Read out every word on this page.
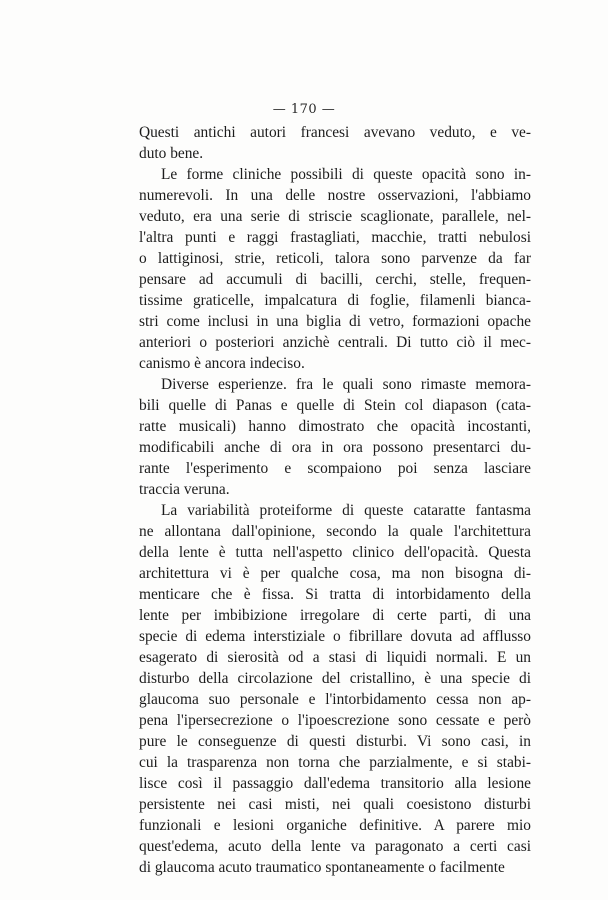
— 170 —
Questi antichi autori francesi avevano veduto, e ve-
duto bene.
Le forme cliniche possibili di queste opacità sono in-
numerevoli. In una delle nostre osservazioni, l'abbiamo
veduto, era una serie di striscie scaglionate, parallele, nel-
l'altra punti e raggi frastagliati, macchie, tratti nebulosi
o lattiginosi, strie, reticoli, talora sono parvenze da far
pensare ad accumuli di bacilli, cerchi, stelle, frequen-
tissime graticelle, impalcatura di foglie, filamenli biancа-
stri come inclusi in una biglia di vetro, formazioni opache
anteriori o posteriori anzichè centrali. Di tutto ciò il mec-
canismo è ancora indeciso.
Diverse esperienze. fra le quali sono rimaste memora-
bili quelle di Panas e quelle di Stein col diapason (cata-
ratte musicali) hanno dimostrato che opacità incostanti,
modificabili anche di ora in ora possono presentarci du-
rante l'esperimento e scompaiono poi senza lasciare
traccia veruna.
La variabilità proteiforme di queste cataratte fantasma
ne allontana dall'opinione, secondo la quale l'architettura
della lente è tutta nell'aspetto clinico dell'opacità. Questa
architettura vi è per qualche cosa, ma non bisogna di-
menticare che è fissa. Si tratta di intorbidamento della
lente per imbibizione irregolare di certe parti, di una
specie di edema interstiziale o fibrillare dovuta ad afflusso
esagerato di sierosità od a stasi di liquidi normali. E un
disturbo della circolazione del cristallino, è una specie di
glaucoma suo personale e l'intorbidamento cessa non ap-
pena l'ipersecrezione o l'ipoescrezione sono cessate e però
pure le conseguenze di questi disturbi. Vi sono casi, in
cui la trasparenza non torna che parzialmente, e si stabi-
lisce così il passaggio dall'edema transitorio alla lesione
persistente nei casi misti, nei quali coesistono disturbi
funzionali e lesioni organiche definitive. A parere mio
quest'edema, acuto della lente va paragonato a certi casi
di glaucoma acuto traumatico spontaneamente o facilmente
